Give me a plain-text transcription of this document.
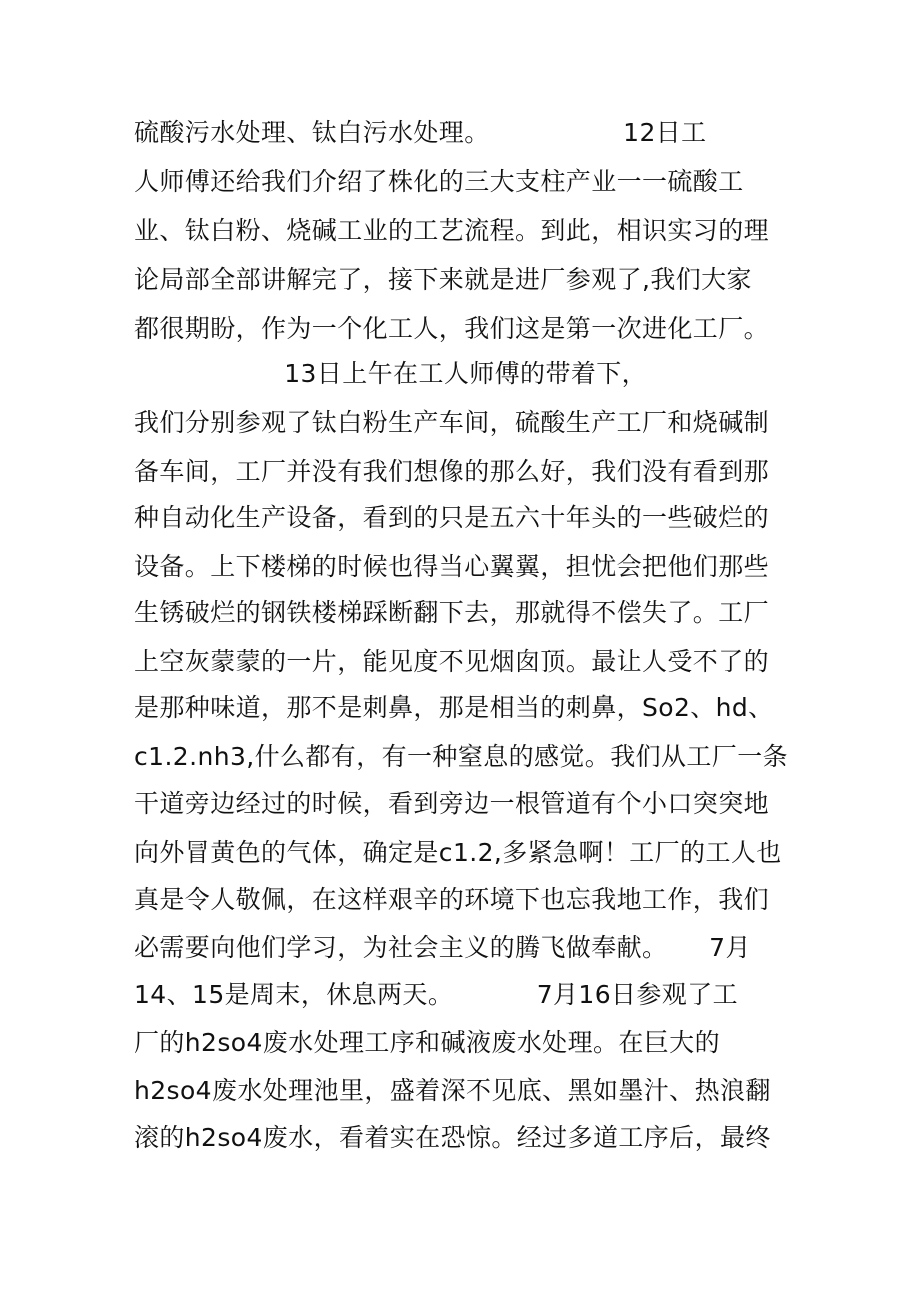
硫酸污水处理、钛白污水处理。                12日工
人师傅还给我们介绍了株化的三大支柱产业一一硫酸工
业、钛白粉、烧碱工业的工艺流程。到此，相识实习的理
论局部全部讲解完了，接下来就是进厂参观了,我们大家
都很期盼，作为一个化工人，我们这是第一次进化工厂。
13日上午在工人师傅的带着下，
我们分别参观了钛白粉生产车间，硫酸生产工厂和烧碱制
备车间，工厂并没有我们想像的那么好，我们没有看到那
种自动化生产设备，看到的只是五六十年头的一些破烂的
设备。上下楼梯的时候也得当心翼翼，担忧会把他们那些
生锈破烂的钢铁楼梯踩断翻下去，那就得不偿失了。工厂
上空灰蒙蒙的一片，能见度不见烟囱顶。最让人受不了的
是那种味道，那不是刺鼻，那是相当的刺鼻，So2、hd、
c1.2.nh3,什么都有，有一种窒息的感觉。我们从工厂一条
干道旁边经过的时候，看到旁边一根管道有个小口突突地
向外冒黄色的气体，确定是c1.2,多紧急啊！工厂的工人也
真是令人敬佩，在这样艰辛的环境下也忘我地工作，我们
必需要向他们学习，为社会主义的腾飞做奉献。     7月
14、15是周末，休息两天。          7月16日参观了工
厂的h2so4废水处理工序和碱液废水处理。在巨大的
h2so4废水处理池里，盛着深不见底、黑如墨汁、热浪翻
滚的h2so4废水，看着实在恐惊。经过多道工序后，最终
